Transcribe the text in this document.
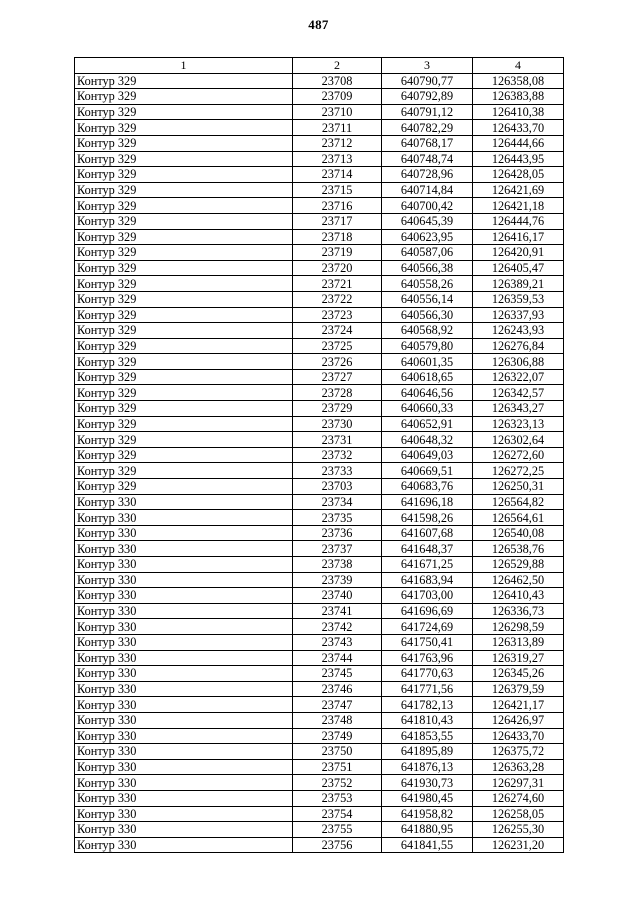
487
1	2	3	4
Контур 329	23708	640790,77	126358,08
Контур 329	23709	640792,89	126383,88
Контур 329	23710	640791,12	126410,38
Контур 329	23711	640782,29	126433,70
Контур 329	23712	640768,17	126444,66
Контур 329	23713	640748,74	126443,95
Контур 329	23714	640728,96	126428,05
Контур 329	23715	640714,84	126421,69
Контур 329	23716	640700,42	126421,18
Контур 329	23717	640645,39	126444,76
Контур 329	23718	640623,95	126416,17
Контур 329	23719	640587,06	126420,91
Контур 329	23720	640566,38	126405,47
Контур 329	23721	640558,26	126389,21
Контур 329	23722	640556,14	126359,53
Контур 329	23723	640566,30	126337,93
Контур 329	23724	640568,92	126243,93
Контур 329	23725	640579,80	126276,84
Контур 329	23726	640601,35	126306,88
Контур 329	23727	640618,65	126322,07
Контур 329	23728	640646,56	126342,57
Контур 329	23729	640660,33	126343,27
Контур 329	23730	640652,91	126323,13
Контур 329	23731	640648,32	126302,64
Контур 329	23732	640649,03	126272,60
Контур 329	23733	640669,51	126272,25
Контур 329	23703	640683,76	126250,31
Контур 330	23734	641696,18	126564,82
Контур 330	23735	641598,26	126564,61
Контур 330	23736	641607,68	126540,08
Контур 330	23737	641648,37	126538,76
Контур 330	23738	641671,25	126529,88
Контур 330	23739	641683,94	126462,50
Контур 330	23740	641703,00	126410,43
Контур 330	23741	641696,69	126336,73
Контур 330	23742	641724,69	126298,59
Контур 330	23743	641750,41	126313,89
Контур 330	23744	641763,96	126319,27
Контур 330	23745	641770,63	126345,26
Контур 330	23746	641771,56	126379,59
Контур 330	23747	641782,13	126421,17
Контур 330	23748	641810,43	126426,97
Контур 330	23749	641853,55	126433,70
Контур 330	23750	641895,89	126375,72
Контур 330	23751	641876,13	126363,28
Контур 330	23752	641930,73	126297,31
Контур 330	23753	641980,45	126274,60
Контур 330	23754	641958,82	126258,05
Контур 330	23755	641880,95	126255,30
Контур 330	23756	641841,55	126231,20
